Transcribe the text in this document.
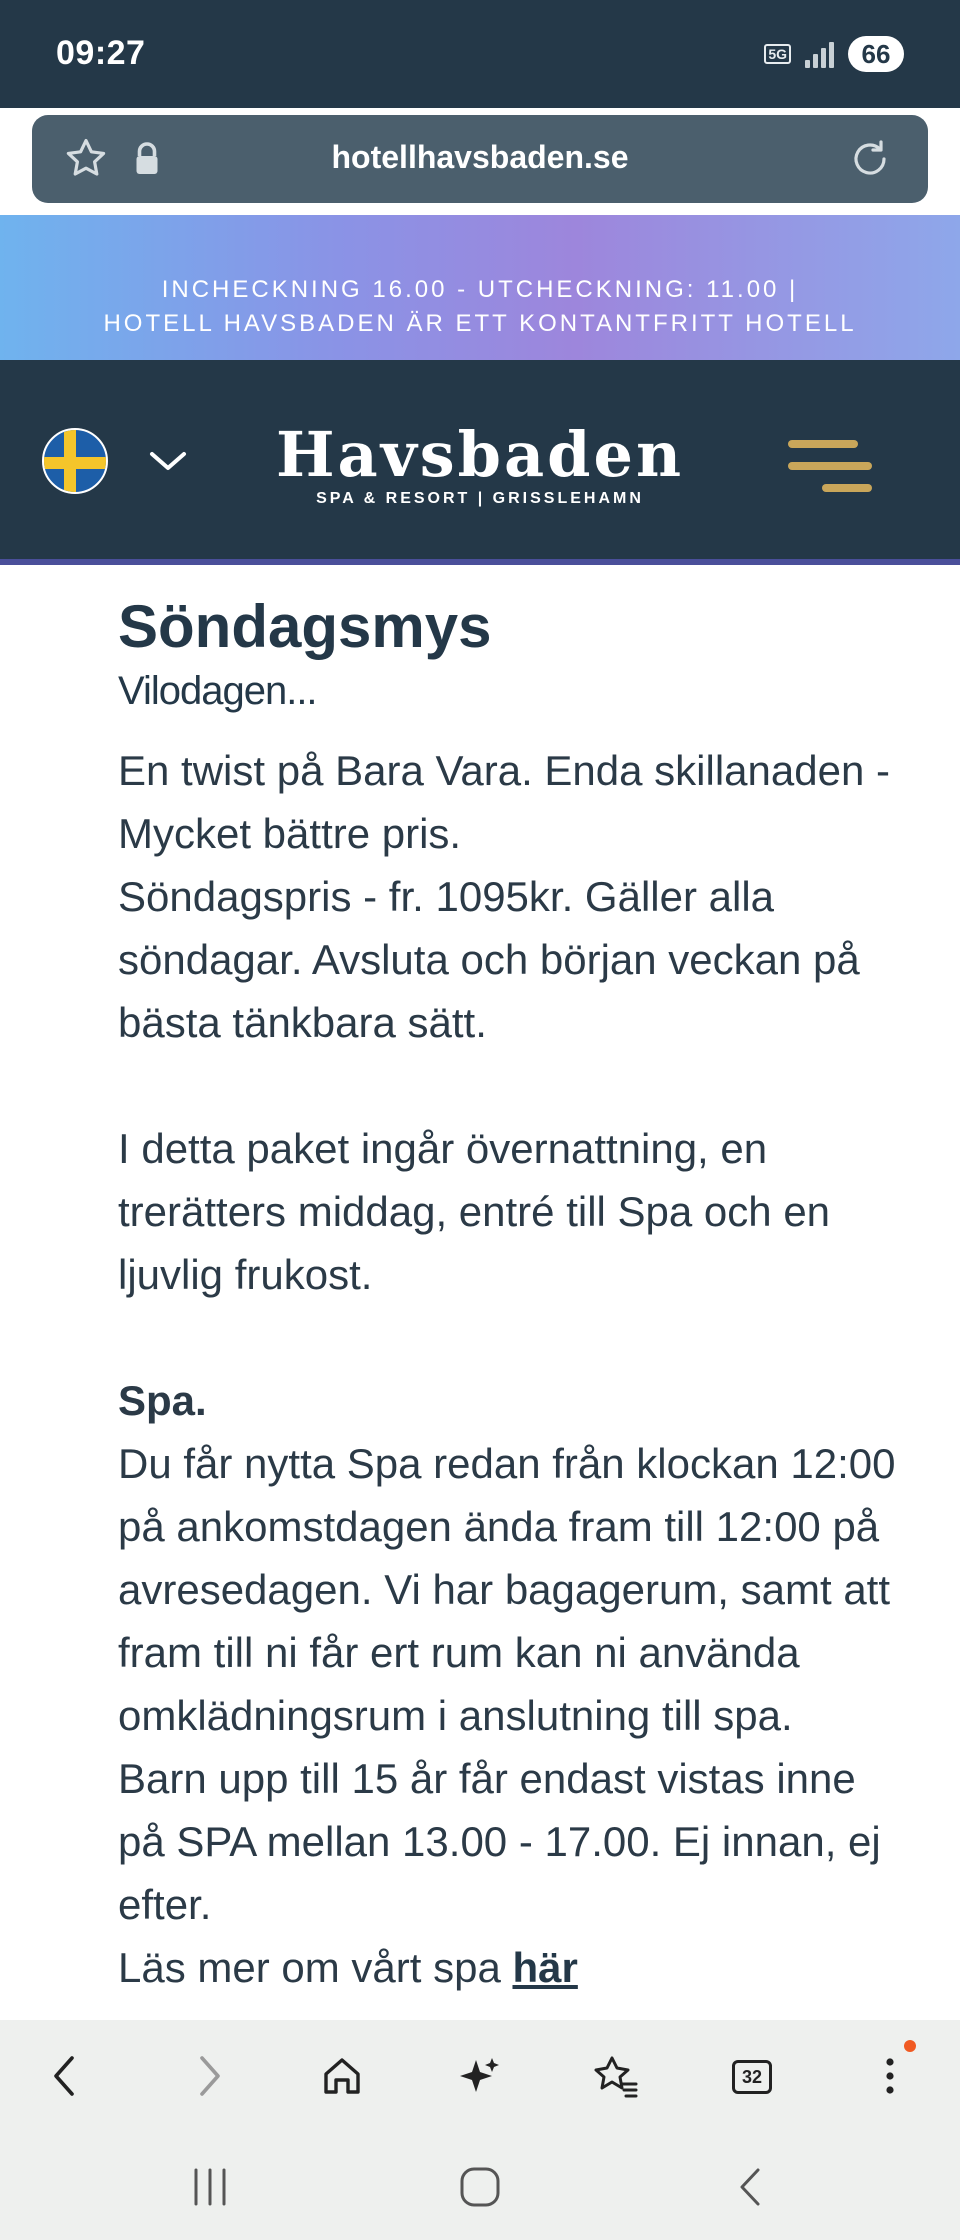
09:27	5G	66
hotellhavsbaden.se
INCHECKNING 16.00 - UTCHECKNING: 11.00 |
HOTELL HAVSBADEN ÄR ETT KONTANTFRITT HOTELL
Havsbaden
SPA & RESORT | GRISSLEHAMN
Söndagsmys
Vilodagen...

En twist på Bara Vara. Enda skillanaden -

Mycket bättre pris.

Söndagspris - fr. 1095kr. Gäller alla

söndagar. Avsluta och början veckan på

bästa tänkbara sätt.

I detta paket ingår övernattning, en

trerätters middag, entré till Spa och en

ljuvlig frukost.

Spa.

Du får nytta Spa redan från klockan 12:00

på ankomstdagen ända fram till 12:00 på

avresedagen. Vi har bagagerum, samt att

fram till ni får ert rum kan ni använda

omklädningsrum i anslutning till spa.

Barn upp till 15 år får endast vistas inne

på SPA mellan 13.00 - 17.00. Ej innan, ej

efter.

Läs mer om vårt spa här

32
